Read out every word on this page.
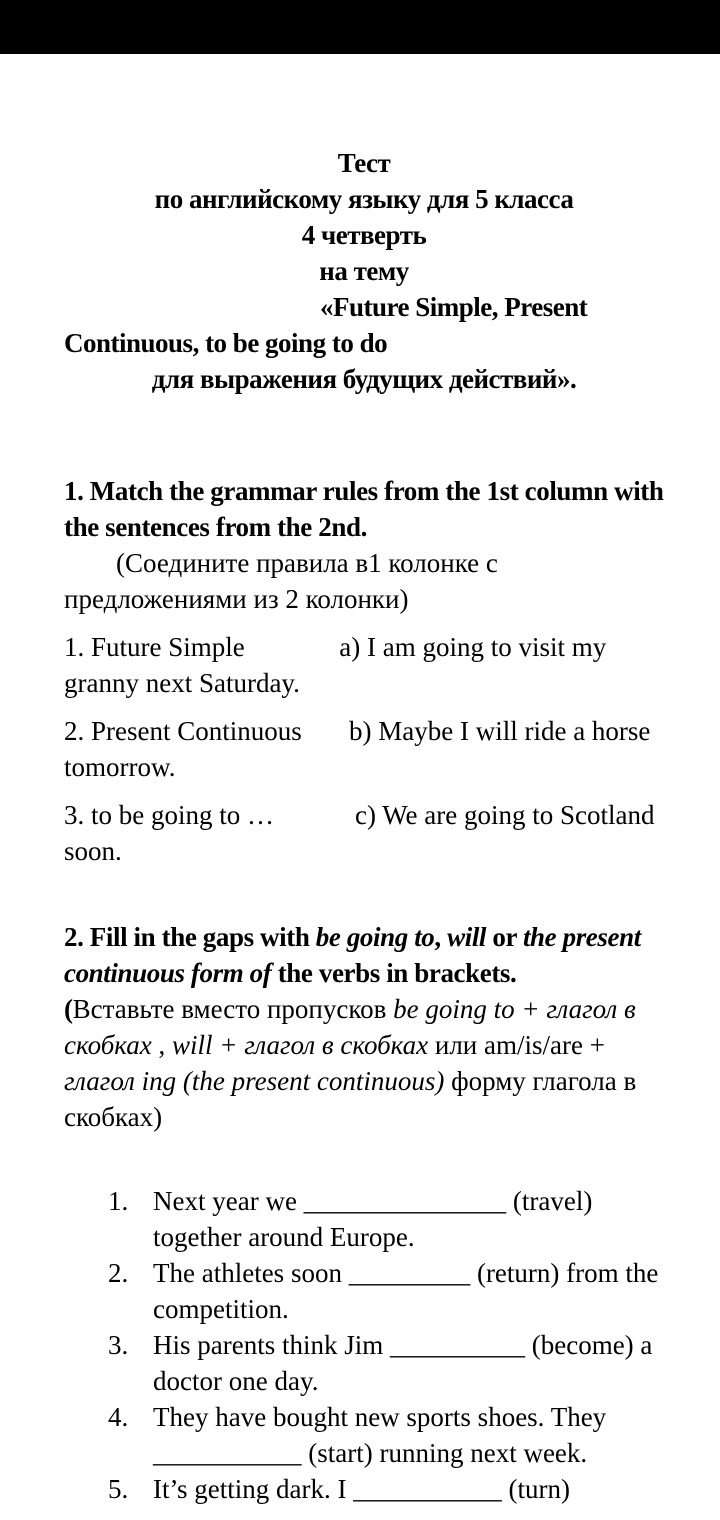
Тест
по английскому языку для 5 класса
4 четверть
на тему
«Future Simple, Present
Continuous, to be going to do
для выражения будущих действий».
1. Match the grammar rules from the 1st column with the sentences from the 2nd.
(Соедините правила в1 колонке с предложениями из 2 колонки)
1. Future Simple	a) I am going to visit my granny next Saturday.
2. Present Continuous b) Maybe I will ride a horse tomorrow.
3. to be going to …	c) We are going to Scotland soon.
2. Fill in the gaps with be going to, will or the present continuous form of the verbs in brackets.
(Вставьте вместо пропусков be going to + глагол в скобках , will + глагол в скобках или am/is/are + глагол ing (the present continuous) форму глагола в скобках)
1. Next year we _______________ (travel) together around Europe.
2. The athletes soon _________ (return) from the competition.
3. His parents think Jim __________ (become) a doctor one day.
4. They have bought new sports shoes. They ___________ (start) running next week.
5. It’s getting dark. I ___________ (turn)
